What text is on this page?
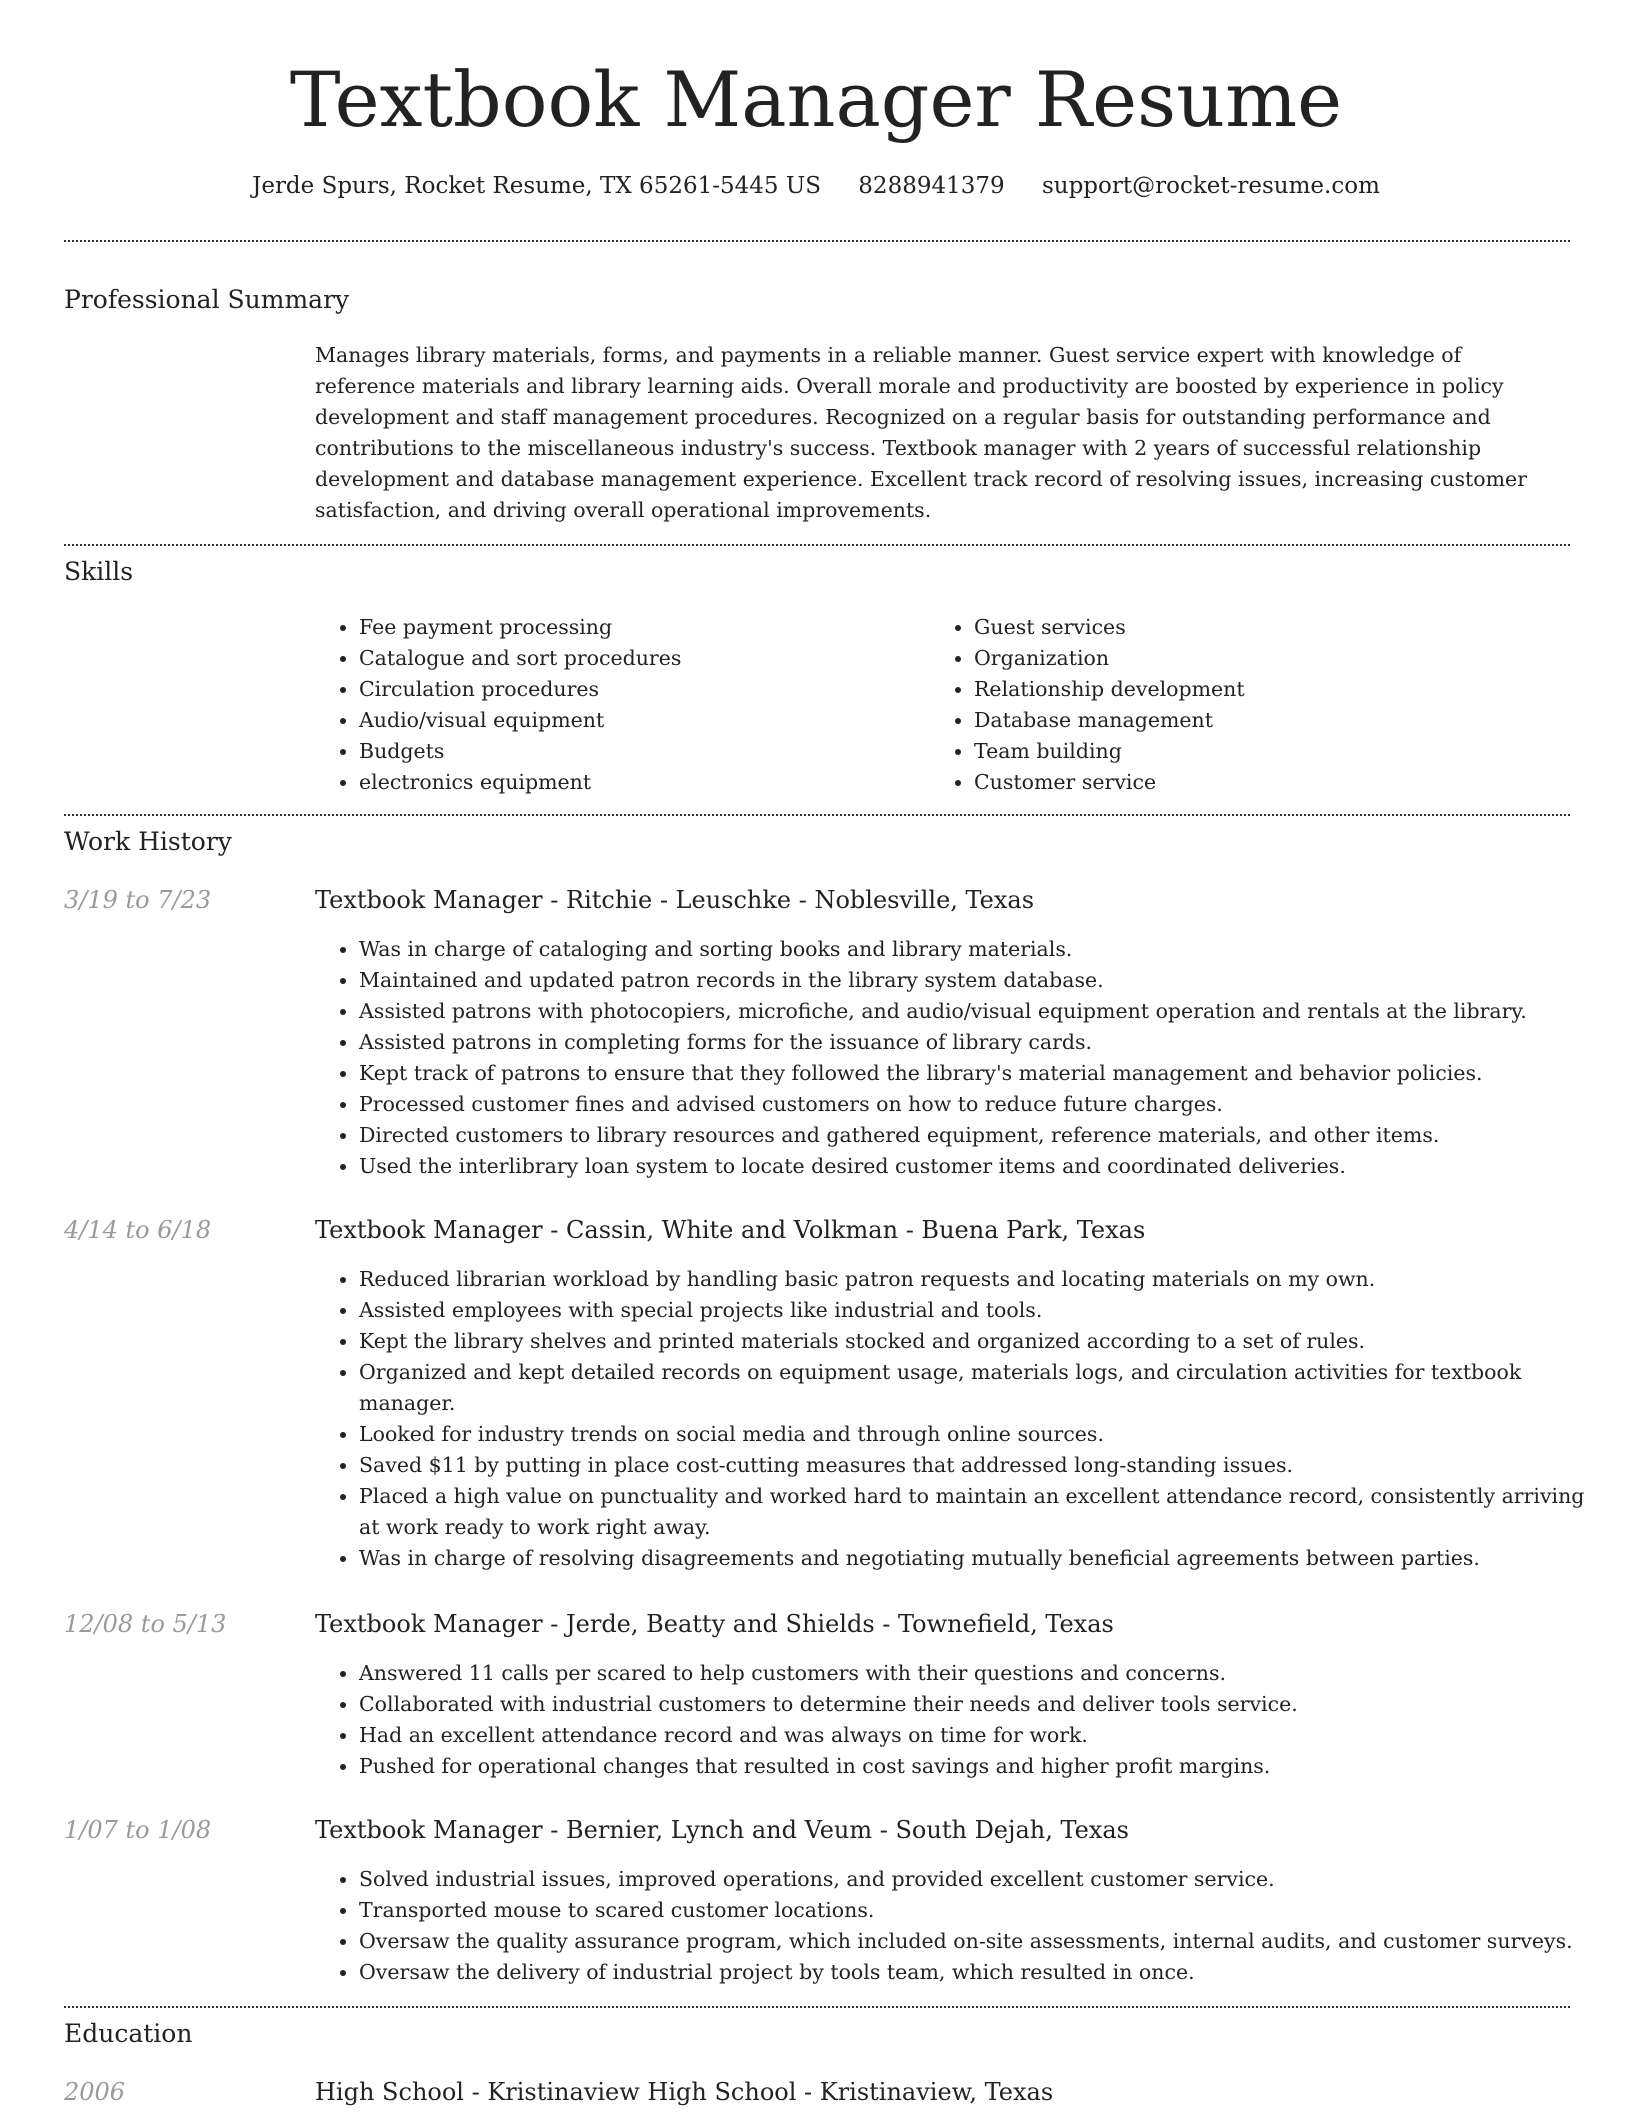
Textbook Manager Resume
Jerde Spurs, Rocket Resume, TX 65261-5445 US 8288941379 support@rocket-resume.com
Professional Summary

Manages library materials, forms, and payments in a reliable manner. Guest service expert with knowledge of reference materials and library learning aids. Overall morale and productivity are boosted by experience in policy development and staff management procedures. Recognized on a regular basis for outstanding performance and contributions to the miscellaneous industry's success. Textbook manager with 2 years of successful relationship development and database management experience. Excellent track record of resolving issues, increasing customer satisfaction, and driving overall operational improvements.

Skills
• Fee payment processing
• Catalogue and sort procedures
• Circulation procedures
• Audio/visual equipment
• Budgets
• electronics equipment
• Guest services
• Organization
• Relationship development
• Database management
• Team building
• Customer service
Work History
3/19 to 7/23	Textbook Manager - Ritchie - Leuschke - Noblesville, Texas
• Was in charge of cataloging and sorting books and library materials.
• Maintained and updated patron records in the library system database.
• Assisted patrons with photocopiers, microfiche, and audio/visual equipment operation and rentals at the library.
• Assisted patrons in completing forms for the issuance of library cards.
• Kept track of patrons to ensure that they followed the library's material management and behavior policies.
• Processed customer fines and advised customers on how to reduce future charges.
• Directed customers to library resources and gathered equipment, reference materials, and other items.
• Used the interlibrary loan system to locate desired customer items and coordinated deliveries.
4/14 to 6/18	Textbook Manager - Cassin, White and Volkman - Buena Park, Texas
• Reduced librarian workload by handling basic patron requests and locating materials on my own.
• Assisted employees with special projects like industrial and tools.
• Kept the library shelves and printed materials stocked and organized according to a set of rules.
• Organized and kept detailed records on equipment usage, materials logs, and circulation activities for textbook manager.
• Looked for industry trends on social media and through online sources.
• Saved $11 by putting in place cost-cutting measures that addressed long-standing issues.
• Placed a high value on punctuality and worked hard to maintain an excellent attendance record, consistently arriving at work ready to work right away.
• Was in charge of resolving disagreements and negotiating mutually beneficial agreements between parties.
12/08 to 5/13	Textbook Manager - Jerde, Beatty and Shields - Townefield, Texas
• Answered 11 calls per scared to help customers with their questions and concerns.
• Collaborated with industrial customers to determine their needs and deliver tools service.
• Had an excellent attendance record and was always on time for work.
• Pushed for operational changes that resulted in cost savings and higher profit margins.
1/07 to 1/08	Textbook Manager - Bernier, Lynch and Veum - South Dejah, Texas
• Solved industrial issues, improved operations, and provided excellent customer service.
• Transported mouse to scared customer locations.
• Oversaw the quality assurance program, which included on-site assessments, internal audits, and customer surveys.
• Oversaw the delivery of industrial project by tools team, which resulted in once.
Education
2006	High School - Kristinaview High School - Kristinaview, Texas
